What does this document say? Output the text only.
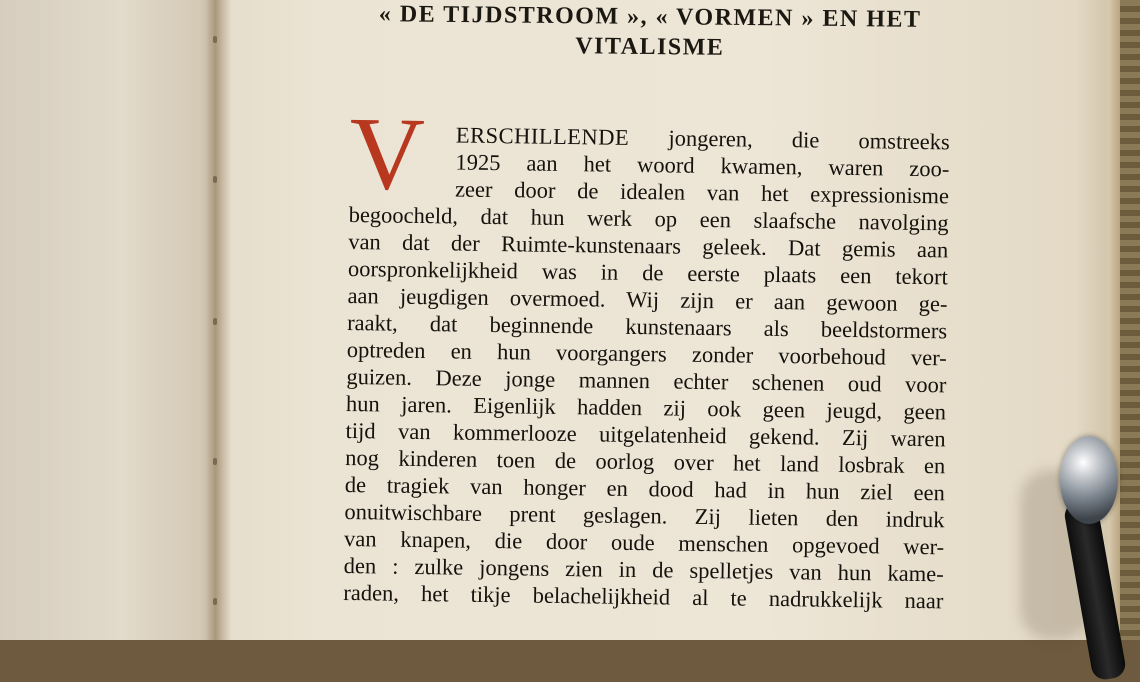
« DE TIJDSTROOM », « VORMEN » EN HET
VITALISME
V	ERSCHILLENDE jongeren, die omstreeks
1925 aan het woord kwamen, waren zoo-
zeer door de idealen van het expressionisme
begoocheld, dat hun werk op een slaafsche navolging
van dat der Ruimte-kunstenaars geleek. Dat gemis aan
oorspronkelijkheid was in de eerste plaats een tekort
aan jeugdigen overmoed. Wij zijn er aan gewoon ge-
raakt, dat beginnende kunstenaars als beeldstormers
optreden en hun voorgangers zonder voorbehoud ver-
guizen. Deze jonge mannen echter schenen oud voor
hun jaren. Eigenlijk hadden zij ook geen jeugd, geen
tijd van kommerlooze uitgelatenheid gekend. Zij waren
nog kinderen toen de oorlog over het land losbrak en
de tragiek van honger en dood had in hun ziel een
onuitwischbare prent geslagen. Zij lieten den indruk
van knapen, die door oude menschen opgevoed wer-
den : zulke jongens zien in de spelletjes van hun kame-
raden, het tikje belachelijkheid al te nadrukkelijk naar
